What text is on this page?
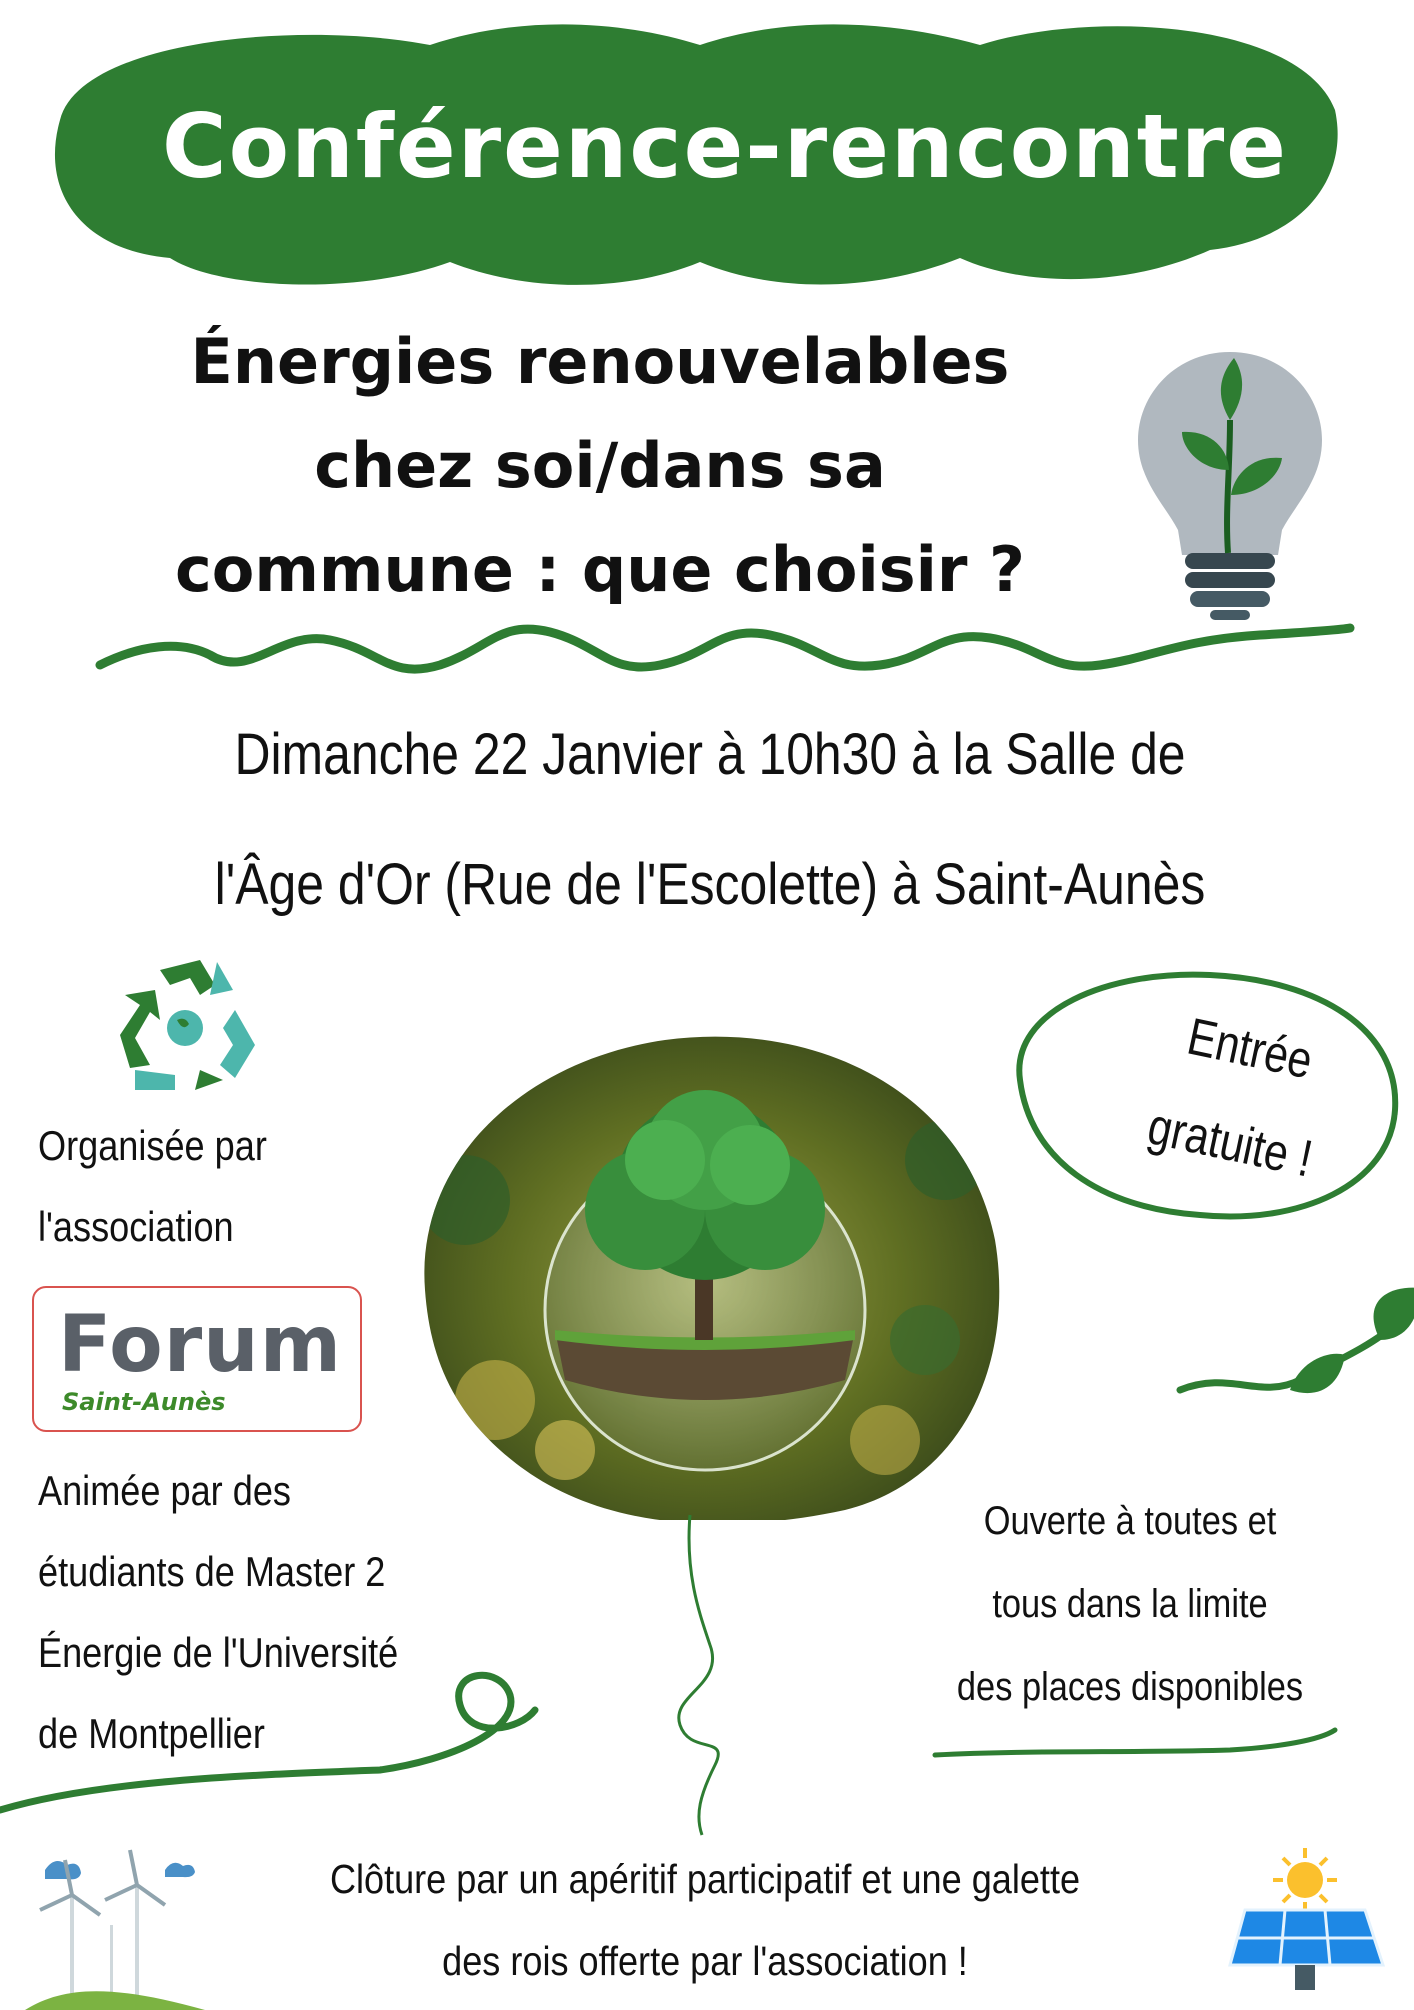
Conférence-rencontre
Énergies renouvelables
chez soi/dans sa
commune : que choisir ?
Dimanche 22 Janvier à 10h30 à la Salle de
l'Âge d'Or (Rue de l'Escolette) à Saint-Aunès
Organisée par
l'association
Forum
Saint-Aunès
Animée par des
étudiants de Master 2
Énergie de l'Université
de Montpellier
Entrée
gratuite !
Ouverte à toutes et
tous dans la limite
des places disponibles
Clôture par un apéritif participatif et une galette
des rois offerte par l'association !
